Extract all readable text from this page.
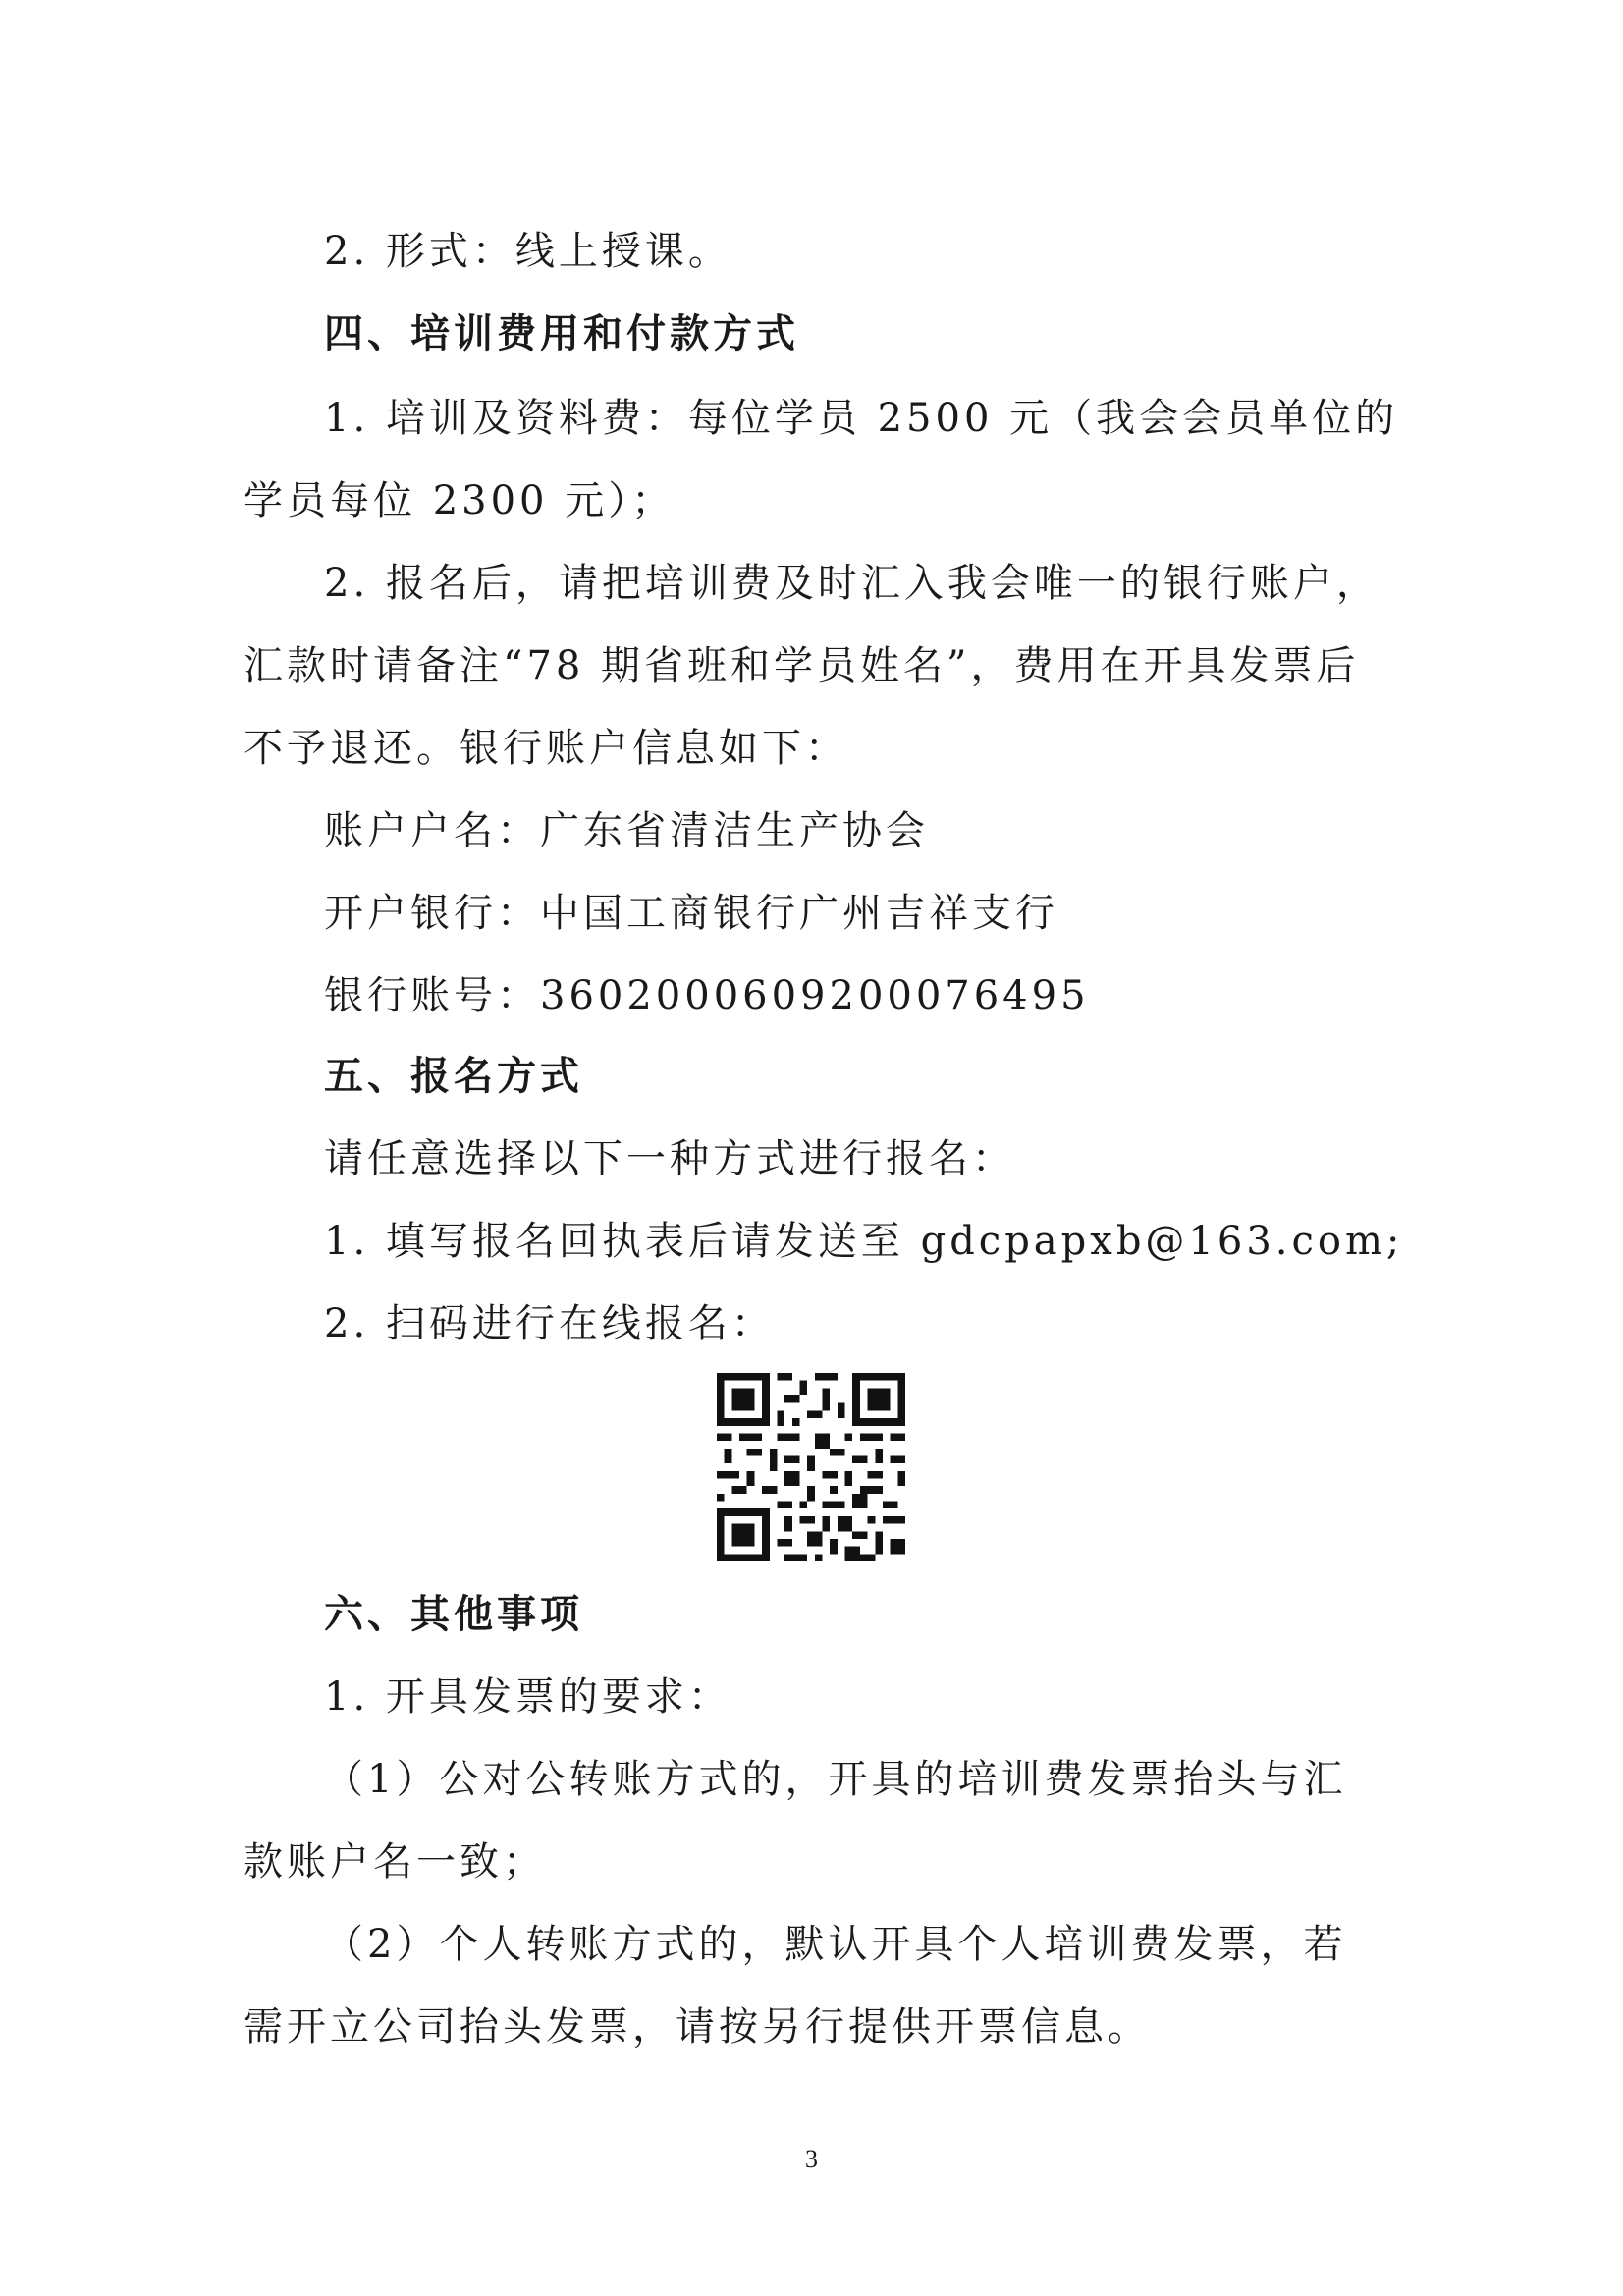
2. 形式：线上授课。
四、培训费用和付款方式
1. 培训及资料费：每位学员 2500 元（我会会员单位的
学员每位 2300 元）；
2. 报名后，请把培训费及时汇入我会唯一的银行账户，
汇款时请备注“78 期省班和学员姓名”，费用在开具发票后
不予退还。银行账户信息如下：
账户户名：广东省清洁生产协会
开户银行：中国工商银行广州吉祥支行
银行账号：3602000609200076495
五、报名方式
请任意选择以下一种方式进行报名：
1. 填写报名回执表后请发送至 gdcpapxb@163.com;
2. 扫码进行在线报名：
六、其他事项
1. 开具发票的要求：
（1）公对公转账方式的，开具的培训费发票抬头与汇
款账户名一致；
（2）个人转账方式的，默认开具个人培训费发票，若
需开立公司抬头发票，请按另行提供开票信息。
3
